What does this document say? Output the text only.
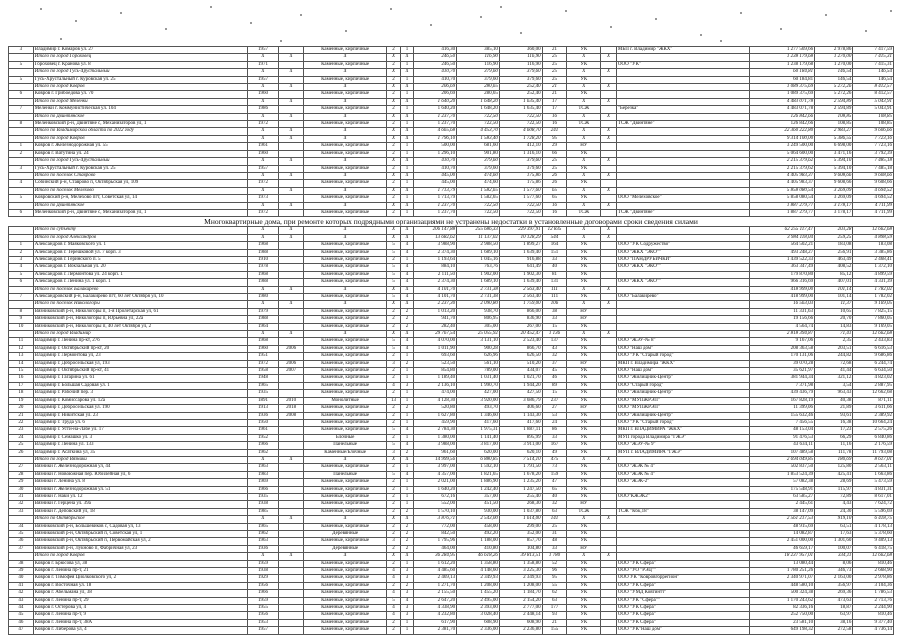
3	Владимир г. Комаров ул. 27	1957		Каменные, кирпичные	2	1	416,30	385,10	360,00	21	УК		МБП г. Владимир "ЖКХ"	1 277 569,66	2 978,86	7 417,59
	Итого по город Гороховец	X	X	X	X	X	246,50	116,90	116,90	25	X	X		1 238 179,68	1 270,00	7 415,31
5	Гороховец г. Кранова ул. 8	1971		Каменные, кирпичные	2	1	246,50	116,90	116,90	25	УК		ООО "УК"	1 238 179,68	1 270,00	7 415,31
	Итого по город Гусь-Хрустальный	X	X	X	X	X	410,70	379,60	379,60	25	X	X		60 184,81	146,54	146,54
5	Гусь-Хрустальный г. Куровская ул. 25	1957		Каменные, кирпичные	2	1	410,70	379,60	379,60	25	УК			60 184,81	146,54	146,54
	Итого по город Ковров	X	X	X	X	X	206,69	280,65	252,40	21	X	X		1 089 375,69	5 272,26	8 412,57
6	Ковров г. Грибоедова ул. 70	1960		Каменные, кирпичные	2	1	206,69	280,65	252,40	21	УК			1 089 375,69	5 272,26	8 412,57
	Итого по город Меленки	X	X	X	X	X	1 640,20	1 648,20	1 635,40	17	X	X		4 483 071,78	2 594,89	5 043,91
7	Меленки г. Коммунистическая ул. 104	1986		Каменные, кирпичные	2	1	1 640,20	1 648,20	1 635,40	17	ТСЖ		"Березка"	4 483 071,78	2 594,89	5 043,91
	Итого по Двинтянское	X	X	X	X	X	1 237,70	722,50	722,50	16	X	X		126 842,66	108,85	108,85
8	Меленковский р-н, Двинтяне с, Механизаторов ул, 1	1972		Каменные, кирпичные	2	1	1 237,70	722,50	722,50	16	ТСЖ		ТСЖ "Двинтяне"	126 842,66	108,85	108,85
	Итого по Владимирской области по 2022 году	X	X	X	X	X	4 665,68	4 453,70	4 608,70	241	X	X		22 360 222,80	2 983,27	9 606,66
	Итого по город Ковров	X	X	X	X	X	1 796,10	1 583,40	1 728,20	95	X	X		9 314 100,00	5 386,55	7 723,16
1	Ковров г. Железнодорожная ул. 55	1961		Каменные, кирпичные	2	1	500,00	681,60	412,10	29	НУ			3 249 500,00	6 698,00	7 723,16
2	Ковров г. Ватутина ул. 24	1960		Каменные, кирпичные	2	1	1 296,10	901,80	1 316,10	66	УК			5 064 600,00	3 471,16	3 792,39
	Итого по город Гусь-Хрустальный	X	X	X	X	X	410,70	379,60	379,60	25	X	X		2 215 379,62	5 394,10	7 485,18
3	Гусь-Хрустальный г. Куровская ул. 25	1957		Каменные, кирпичные	2	1	410,70	379,60	379,60	25	УК			2 215 379,62	5 394,10	7 485,18
	Итого по поселок Ставрово	X	X	X	X	X	445,00	474,60	175,86	26	X	X		4 405 983,37	9 608,66	9 608,66
4	Собинский р-н, Ставрово п, Октябрьская ул, 109	1972		Каменные, кирпичные	2	1	445,00	474,60	175,86	26	УК			4 405 983,37	9 608,66	9 608,66
	Итого по поселок Мелехово	X	X	X	X	X	1 713,79	1 582,65	1 577,60	65	X	X		5 858 080,54	3 269,09	4 694,52
5	Ковровский р-н, Мелехово пгт, Советская ул, 14	1973		Каменные, кирпичные	2	1	1 713,79	1 582,65	1 577,60	65	УК		ООО "Мелеховское"	5 858 080,54	3 269,09	4 694,52
	Итого по Двинтянское	X	X	X	X	X	1 237,70	722,50	722,50	16	X	X		1 887 279,77	3 178,17	4 711,99
6	Меленковский р-н, Двинтяне с, Механизаторов ул, 1	1972		Каменные, кирпичные	2	1	1 237,70	722,50	722,50	16	ТСЖ		ТСЖ "Двинтяне"	1 887 279,77	3 178,17	4 711,99
Многоквартирные дома, при ремонте которых подрядными организациями не устранены недостатки в установленные договорами сроки сведения силами																
	Итого по субъекту	X	X	X	X	X	206 147,88	255 686,33	229 397,91	12 835	X	X		62 255 117,47	203,28	12 662,68
	Итого по город Александров	X	X	X	X	X	13 682,62	11 137,02	10 128,29	544	X	X		3 984 118,04	259,25	4 898,59
1	Александров г. Маяковского ул. 1	1968		Каменные, кирпичные	5	4	3 988,90	2 988,50	1 899,27	164	УК		ООО "УК Содружество"	564 502,21	183,08	183,08
2	Александров г. Терешковой ул. 7 корп. 3	1988		Каменные, кирпичные	5	4	2 374,30	1 689,10	1 639,40	151	УК		ООО "ЖКХ "ЭКО""	493 248,27	256,91	3 385,86
3	Александров г. Геринского п. 5	1910		Каменные, кирпичные	2	1	1 193,64	1 045,16	916,88	33	УК		ООО "ПАНДРУБИЧКИ"	1 439 522,33	463,49	2 468,41
4	Александров г. Вокзальная ул. 20	1978		Каменные, кирпичные	5	4	884,10	763,76	641,49	40	УК		ООО "ЖКХ "ЭКО""	363 347,49	408,52	1 372,10
5	Александров г. Лермонтова ул. 24 корп. 1	1968		Каменные, кирпичные	5	4	2 111,50	1 902,00	1 902,30	81	УК			179 870,80	85,12	4 899,59
6	Александров г. Ленина ул. 1 корп. 1	1988		Каменные, кирпичные	5	4	2 374,30	1 689,10	1 639,40	131	УК		ООО "ЖКХ "ЭКО""	966 316,69	407,01	4 331,39
	Итого по поселок Балакирево	X	X	X	X	X	4 101,70	2 731,38	2 563,40	111	X	X		418 999,00	101,14	1 782,02
7	Александровский р-н, Балакирево пгт, 60 лет Октября ул, 10	1980		Каменные, кирпичные	5	4	4 101,70	2 731,38	2 563,40	111	УК		ООО "Балакирево"	418 999,00	101,14	1 782,02
	Итого по поселок Никологоры	X	X	X	X	X	2 237,30	2 090,80	1 759,00	106	X	X		16 563,03	11,37	9 169,05
8	Вязниковский р-н, Никологоры п, 1-я Пролетарская ул, 61	1979		Каменные, кирпичные	2	2	1 013,20	938,70	866,00	38	НУ			11 331,63	10,65	7 825,15
9	Вязниковский р-н, Никологоры п, Юрьевна ул, 22а	1988		Каменные, кирпичные	2	2	941,70	806,95	836,90	33	НУ			19 156,66	20,70	7 860,05
10	Вязниковский р-н, Никологоры п, 40 лет Октября ул, 2	1964		Каменные, кирпичные	2	2	282,40	305,00	267,00	15	УК			4 564,74	14,83	9 169,05
	Итого по город Владимир	X	X	X	X	X	29 767,54	25 055,92	20 452,47	1 136	X	X		2 818 394,87	71,41	12 662,68
11	Владимир г. Ленина пр-кт, 27б	1968		Каменные, кирпичные	5	4	4 070,00	3 131,10	2 523,40	137	УК		ООО "ЖЭУ-№ 8"	9 167,06	2,35	2 433,83
12	Владимир г. Октябрьский пр-кт, 20	1960	2006	Каменные, кирпичные	5	4	1 011,90	900,28	866,70	43	УК		ООО "Наш дом"	208 363,58	203,51	6 616,53
13	Владимир г. Лермонтова ул, 23	1951		Каменные, кирпичные	2	1	693,60	626,96	626,50	32	УК		ООО "УК "Старый город"	170 131,06	244,82	9 686,86
14	Владимир г. Добросельская ул, 193	1972	2006	Каменные, кирпичные	3	2	523,50	561,10	510,20	37	НУ		МКП г. Владимира "ЖКХ"	39 070,28	72,68	6 244,74
15	Владимир г. Октябрьский пр-кт, 41	1958	2007	Каменные, кирпичные	2	1	854,80	789,00	434,07	45	УК		ООО "Наш дом"	35 621,97	41,44	6 634,50
16	Владимир г. Гагарина ул. 61	1948		Каменные, кирпичные	2	1	1 189,40	1 031,40	1 021,70	46	УК		ООО "Жилищник-Центр"	381 944,34	321,12	4 823,02
17	Владимир г. Большая Садовая ул. 1	1965		Каменные, кирпичные	4	3	2 136,10	1 990,70	1 944,20	89	УК		ООО "Старый город"	7 371,98	3,54	2 887,95
18	Владимир г. Рабочий пер. 3	1935		Каменные, кирпичные	2	1	474,00	427,00	427,50	15	УК		ООО "Жилищник-Центр"	439 436,79	963,43	12 662,68
19	Владимир г. Комиссарова ул. 12а	1891	2010	Монолитные	13	1	4 128,30	3 920,00	3 686,79	237	УК		ООО "МУПЖРЭП"	167 828,19	40,38	871,11
20	Владимир г. Добросельская ул. 190	1913	2018	Каменные, кирпичные	2	2	520,80	493,70	406,60	27	НУ		ООО "МУПЖРЭП"	11 399,06	21,89	3 611,66
21	Владимир г. Никитская ул. 23	1936	2008	Каменные, кирпичные	2	1	1 627,80	1 346,60	1 143,30	53	УК		ООО "Жилищник-Центр"	155 632,46	93,61	2 389,92
22	Владимир г. Труда ул. 6	1950		Каменные, кирпичные	2	1	459,90	417,60	417,60	24	УК		ООО "УК "Старый город"	7 456,55	16,38	10 664,24
23	Владимир г. Усти-на-Лабе ул. 17	1961		Каменные, кирпичные	5	4	2 784,30	1 975,31	1 887,11	86	УК		МКП г. ВЛАДИМИРА "ЖКХ"	48 153,04	17,23	2 575,26
24	Владимир г. Семашко ул. 3	1952		Блочные	2	1	1 380,00	1 141,40	895,99	33	УК		МУП города Владимира "ГЖЭ"	91 476,53	66,29	6 840,86
25	Владимир г. Ленина ул. 133	1966		Панельные	5	4	3 988,00	3 817,00	3 911,00	167	УК		ООО "ЖЭУ-№ 9"	43 634,11	11,16	2 176,59
26	Владимир г. Асаткина ул, 35	1962		Каменные/Блочные	3	2	961,60	620,00	620,10	49	УК		МУП г. ВЛАДИМИРА "ГЖЭ"	107 489,58	111,78	11 793,08
	Итого по город Вязники	X	X	X	X	X	14 999,56	6 880,85	7 514,10	475	X	X		2 694 049,85	180,69	8 617,01
27	Вязники г. Железнодорожная ул, 44	1963		Каменные, кирпичные	2	1	3 997,00	1 592,10	1 791,50	73	УК		ООО "ЖЭК № 4"	502 837,50	125,80	2 563,11
28	Вязники г. Новоюжная пер. Юбилейная ул, 6	1983		Панельные	5	4	4 357,00	1 821,65	1 678,20	159	УК		ООО "ЖЭК № 4"	1 853 524,39	425,41	1 663,86
29	Вязники г. Ленина ул. 8	1969		Каменные, кирпичные	2	1	2 021,00	1 886,90	1 235,20	47	УК		ООО "ЖЭК-2"	57 082,38	28,69	5 473,59
30	Вязники г. Железнодорожная ул. 51	1966		Каменные, кирпичные	2	1	1 640,20	1 242,40	1 247,50	65	УК			175 548,91	115,97	4 831,31
31	Вязники г. Наки ул. 12	1935		Каменные, кирпичные	2	1	672,16	357,00	255,40	40	УК		ООО"КЖЭК2"	63 585,27	72,89	8 617,01
32	Вязники г. Герцена ул. 39а	1938		Каменные, кирпичные	2	1	552,00	451,50	268,30	32	НУ			2 445,61	4,43	7 624,72
33	Вязники г. Деповский ул, 18	1985		Каменные, кирпичные	2	2	1 570,10	930,00	1 037,80	63	ТСЖ		ТСЖ "Кбк,18"	38 147,09	24,30	5 596,69
	Итого по Октябрьское	X	X	X	X	X	3 876,71	2 543,00	1 614,00	141	X	X		2 561 217,53	919,10	6 418,75
34	Вязниковский р-н, Большевиков с, Садовая ул, 13	1965		Каменные, кирпичные	2	2	772,00	458,00	299,00	25	УК			48 915,69	63,51	4 178,13
35	Вязниковский р-н, Октябрьский п, Советская ул, 1	1962		Деревянные	2	2	842,50	492,20	352,00	31	УК			14 082,87	17,63	5 378,60
36	Вязниковский р-н, Октябрьский п, Первомайская ул, 2	1963		Каменные, кирпичные	3	2	1 795,96	1 188,00	857,70	48	УК			2 451 000,00	1 301,60	9 409,13
37	Вязниковский р-н, Лукново п, Фабричная ул, 23	1936		Деревянные	2	2	464,00	410,80	104,80	33	НУ			46 659,17	100,07	6 418,75
	Итого по город Ковров	X	X	X	X	X	36 284,95	46 618,26	39 813,51	1 780	X	X		18 237 957,01	334,11	12 662,68
38	Ковров г. Брюсова ул, 38	1959		Каменные, кирпичные	2	1	1 612,20	1 358,80	1 358,80	52	УК		ООО "УК Сфера"	13 080,44	8,06	810,46
39	Ковров г. Ленина пр-т, 21	1938		Каменные, кирпичные	4	3	4 485,60	4 148,60	3 225,30	96	УК		ООО "УО "РЭЦ""	1 780 251,26	346,73	2 668,90
40	Ковров г. Тимофея Циолковского ул, 2	1929		Каменные, кирпичные	4	3	2 469,13	2 349,93	2 349,93	95	УК		ООО УК "Ковровгоррегион"	2 340 971,07	2 163,00	2 978,86
41	Ковров г. Восточная ул. 18	1956		Каменные, кирпичные	2	2	1 271,70	1 208,00	1 208,00	55	УК		ООО "УК Сфера"	448 580,10	356,97	3 104,36
42	Ковров г. Абельмана ул, 38	1966		Каменные, кирпичные	4	3	2 155,50	1 455,20	1 184,70	62	УК		ООО "УМД Ковтинтт"	500 324,38	269,36	1 786,53
43	Ковров г. Ленина пр-т, 29	1959		Каменные, кирпичные	5	4	2 647,20	2 495,00	2 154,20	63	УК		ООО "УК "Сфера""	1 170 243,62	473,63	2 713,76
44	Ковров г. Остерова ул, 4	1955		Каменные, кирпичные	4	3	4 338,90	2 393,00	2 777,00	177	УК		ООО "УК Сфера"	82 336,16	18,87	2 244,90
45	Ковров г. Ленина пр-т, 9	1956		Каменные, кирпичные	4	3	4 232,80	3 028,40	2 448,14	93	УК		ООО "УК Сфера"	252 750,00	63,97	810,46
46	Ковров г. Ленина пр-т, 38А	1953		Каменные, кирпичные	2	1	617,90	608,90	608,90	21	УК		ООО "УК Сфера"	23 581,10	38,16	9 377,40
47	Ковров г. Либерова ул, 4	1957		Каменные, кирпичные	2	1	2 381,70	2 336,00	2 236,80	155	УК		ООО "УК"Наш дом"	649 198,32	272,58	4 736,14
